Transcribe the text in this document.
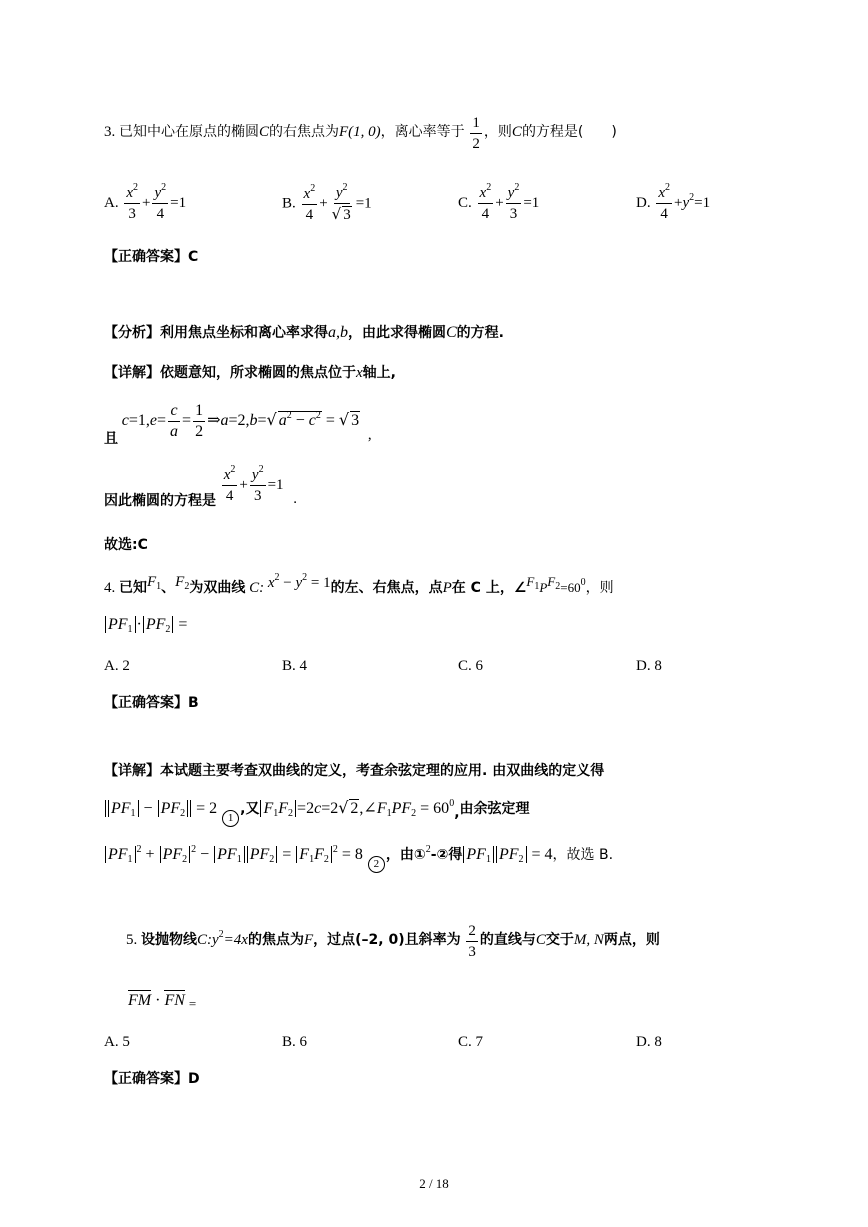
3. 已知中心在原点的椭圆C的右焦点为F(1, 0)，离心率等于 $\frac{1}{2}$ ，则C的方程是(　　)
A. $\frac{x^2}{3} + \frac{y^2}{4} =1$	B. $\frac{x^2}{4} + \frac{y^2}{√ 3} =1$	C. $\frac{x^2}{4} + \frac{y^2}{3} =1$	D. $\frac{x^2}{4} +y^2=1$
【正确答案】C
【分析】利用焦点坐标和离心率求得a,b，由此求得椭圆C的方程.
【详解】依题意知，所求椭圆的焦点位于x轴上,
且 $c=1,e= \frac{c}{a} = \frac{1}{2}$ ⇒a=2,b=√ $a^2 - c^2$ = √ 3 ,
因此椭圆的方程是 $\frac{x^2}{4} + \frac{y^2}{3} =1$ .
故选:C
4. 已知$F_1$、$F_2$为双曲线 C: $x^2 - y^2 = 1$的左、右焦点，点P在 C 上，$\angle F_1PF_2=60^0$，则
$PF_1 \cdot PF_2$ =
A. 2	B. 4	C. 6	D. 8
【正确答案】B
【详解】本试题主要考查双曲线的定义，考查余弦定理的应用. 由双曲线的定义得
$PF_1 - PF_2 = 2$ 1,又 $F_1F_2 =2c=2√$ $2,\angle F_1PF_2 = 60^0$,由余弦定理
$PF_1^2 + PF_2^2 - PF_1$ $PF_2 = F_1F_2^2 = 8$ 2，由①$^2$-②得 $PF_1$ $PF_2 = 4$，故选 B.
5. 设抛物线$C:y^2=4x$的焦点为F，过点(–2, 0)且斜率为 $\frac{2}{3}$ 的直线与C交于M, N两点，则
FM · FN =
A. 5	B. 6	C. 7	D. 8
【正确答案】D
2 / 18
